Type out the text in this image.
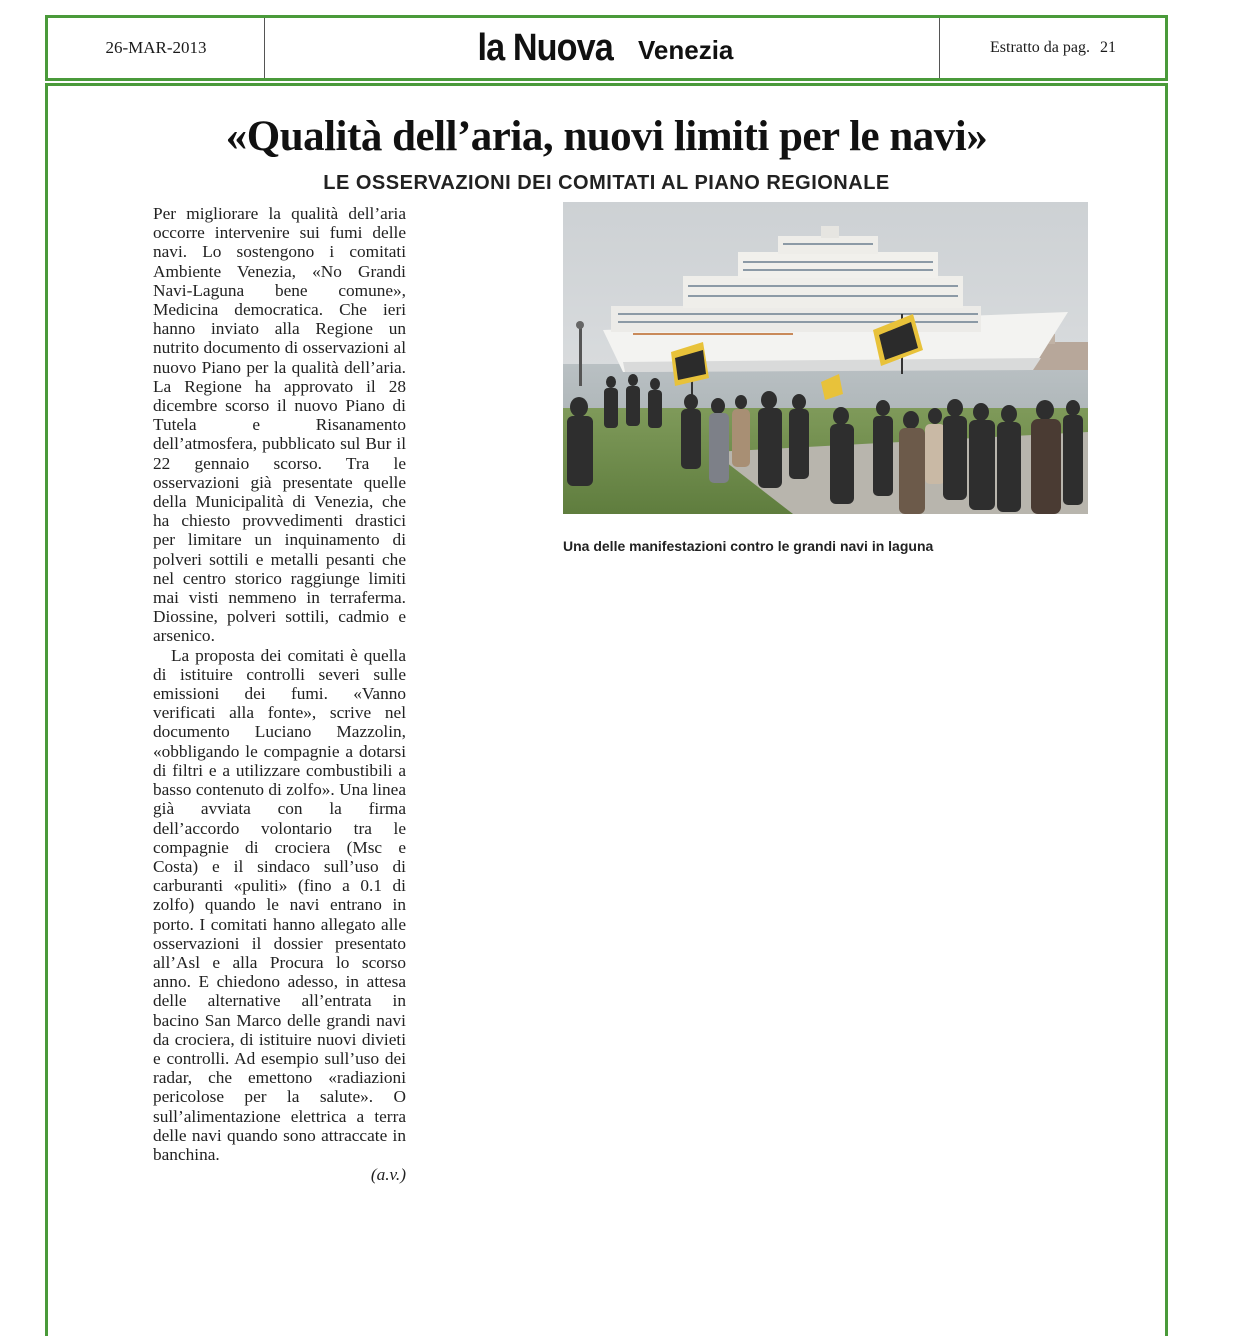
26-MAR-2013	la Nuova Venezia	Estratto da pag. 21
«Qualità dell’aria, nuovi limiti per le navi»
LE OSSERVAZIONI DEI COMITATI AL PIANO REGIONALE

Per migliorare la qualità dell’aria occorre intervenire sui fumi delle navi. Lo sostengono i comitati Ambiente Venezia, «No Grandi Navi-Laguna bene comune», Medicina democratica. Che ieri hanno inviato alla Regione un nutrito documento di osservazioni al nuovo Piano per la qualità dell’aria. La Regione ha approvato il 28 dicembre scorso il nuovo Piano di Tutela e Risanamento dell’atmosfera, pubblicato sul Bur il 22 gennaio scorso. Tra le osservazioni già presentate quelle della Municipalità di Venezia, che ha chiesto provvedimenti drastici per limitare un inquinamento di polveri sottili e metalli pesanti che nel centro storico raggiunge limiti mai visti nemmeno in terraferma. Diossine, polveri sottili, cadmio e arsenico.

La proposta dei comitati è quella di istituire controlli severi sulle emissioni dei fumi. «Vanno verificati alla fonte», scrive nel documento Luciano Mazzolin, «obbligando le compagnie a dotarsi di filtri e a utilizzare combustibili a basso contenuto di zolfo». Una linea già avviata con la firma dell’accordo volontario tra le compagnie di crociera (Msc e Costa) e il sindaco sull’uso di carburanti «puliti» (fino a 0.1 di zolfo) quando le navi entrano in porto. I comitati hanno allegato alle osservazioni il dossier presentato all’Asl e alla Procura lo scorso anno. E chiedono adesso, in attesa delle alternative all’entrata in bacino San Marco delle grandi navi da crociera, di istituire nuovi divieti e controlli. Ad esempio sull’uso dei radar, che emettono «radiazioni pericolose per la salute». O sull’alimentazione elettrica a terra delle navi quando sono attraccate in banchina.

(a.v.)
Una delle manifestazioni contro le grandi navi in laguna
